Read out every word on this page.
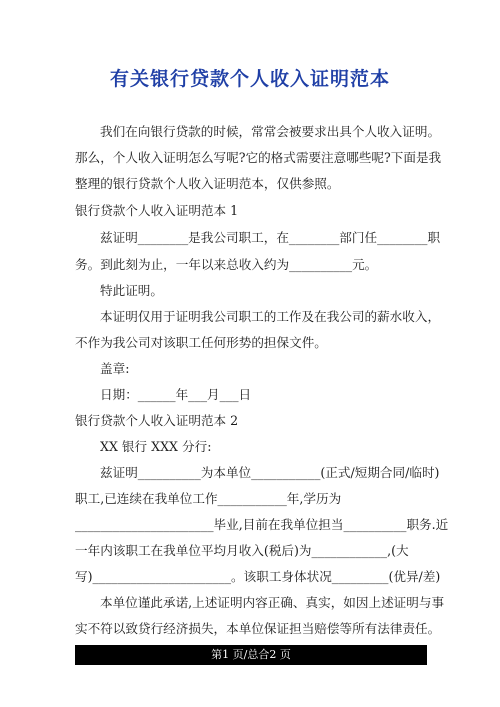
有关银行贷款个人收入证明范本

我们在向银行贷款的时候，常常会被要求出具个人收入证明。

那么，个人收入证明怎么写呢?它的格式需要注意哪些呢?下面是我

整理的银行贷款个人收入证明范本，仅供参照。

银行贷款个人收入证明范本 1

兹证明________是我公司职工，在________部门任________职

务。到此刻为止，一年以来总收入约为__________元。

特此证明。

本证明仅用于证明我公司职工的工作及在我公司的薪水收入，

不作为我公司对该职工任何形势的担保文件。

盖章:

日期：______年___月___日

银行贷款个人收入证明范本 2

XX 银行 XXX 分行:

兹证明__________为本单位___________(正式/短期合同/临时)

职工,已连续在我单位工作___________年,学历为

______________________毕业,目前在我单位担当__________职务.近

一年内该职工在我单位平均月收入(税后)为____________,(大

写)______________________。该职工身体状况_________(优异/差)

本单位谨此承诺,上述证明内容正确、真实，如因上述证明与事

实不符以致贷行经济损失，本单位保证担当赔偿等所有法律责任。

第1 页/总合2 页
